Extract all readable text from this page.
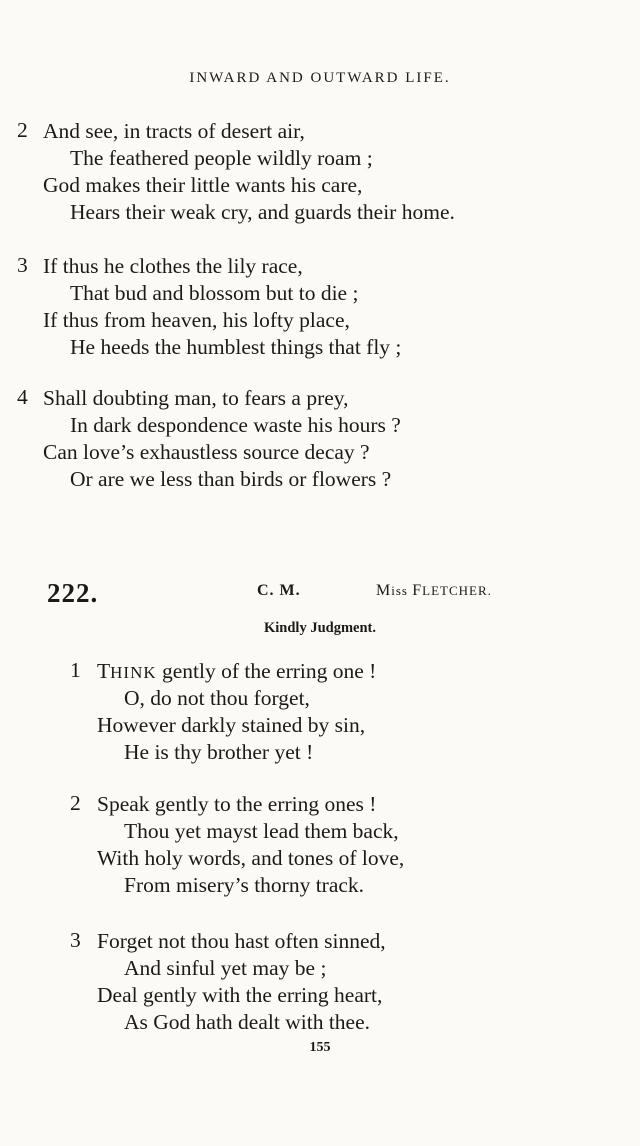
INWARD AND OUTWARD LIFE.
2 And see, in tracts of desert air,
The feathered people wildly roam ;
God makes their little wants his care,
Hears their weak cry, and guards their home.
3 If thus he clothes the lily race,
That bud and blossom but to die ;
If thus from heaven, his lofty place,
He heeds the humblest things that fly ;
4 Shall doubting man, to fears a prey,
In dark despondence waste his hours ?
Can love’s exhaustless source decay ?
Or are we less than birds or flowers ?
222.	C. M.	Miss FLETCHER.
Kindly Judgment.
1 THINK gently of the erring one !
O, do not thou forget,
However darkly stained by sin,
He is thy brother yet !
2 Speak gently to the erring ones !
Thou yet mayst lead them back,
With holy words, and tones of love,
From misery’s thorny track.
3 Forget not thou hast often sinned,
And sinful yet may be ;
Deal gently with the erring heart,
As God hath dealt with thee.
155
